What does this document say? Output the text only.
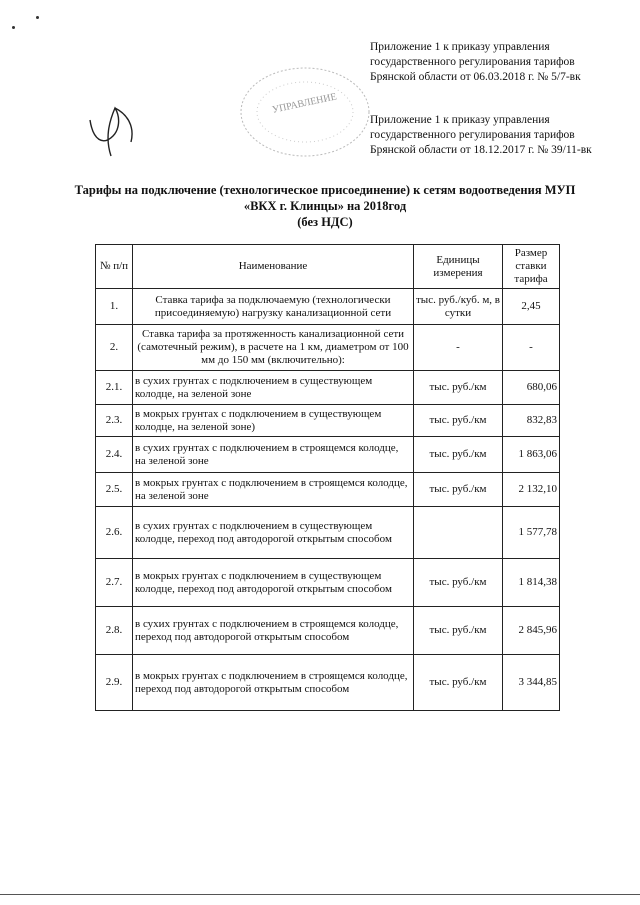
Приложение 1 к приказу управления
государственного регулирования тарифов
Брянской области от 06.03.2018 г. № 5/7-вк
УПРАВЛЕНИЕ
Приложение 1 к приказу управления
государственного регулирования тарифов
Брянской области от 18.12.2017 г. № 39/11-вк
Тарифы на подключение (технологическое присоединение) к сетям водоотведения МУП
«ВКХ г. Клинцы» на 2018год
(без НДС)
№ п/п	Наименование	Единицы измерения	Размер ставки тарифа
1.	Ставка тарифа за подключаемую (технологически присоединяемую) нагрузку канализационной сети	тыс. руб./куб. м, в сутки	2,45
2.	Ставка тарифа за протяженность канализационной сети (самотечный режим), в расчете на 1 км, диаметром от 100 мм до 150 мм (включительно):	-	-
2.1.	в сухих грунтах с подключением в существующем колодце, на зеленой зоне	тыс. руб./км	680,06
2.3.	в мокрых грунтах с подключением в существующем колодце, на зеленой зоне)	тыс. руб./км	832,83
2.4.	в сухих грунтах с подключением в строящемся колодце, на зеленой зоне	тыс. руб./км	1 863,06
2.5.	в мокрых грунтах с подключением в строящемся колодце, на зеленой зоне	тыс. руб./км	2 132,10
2.6.	в сухих грунтах с подключением в существующем колодце, переход под автодорогой открытым способом		1 577,78
2.7.	в мокрых грунтах с подключением в существующем колодце, переход под автодорогой открытым способом	тыс. руб./км	1 814,38
2.8.	в сухих грунтах с подключением в строящемся колодце, переход под автодорогой открытым способом	тыс. руб./км	2 845,96
2.9.	в мокрых грунтах с подключением в строящемся колодце, переход под автодорогой открытым способом	тыс. руб./км	3 344,85
